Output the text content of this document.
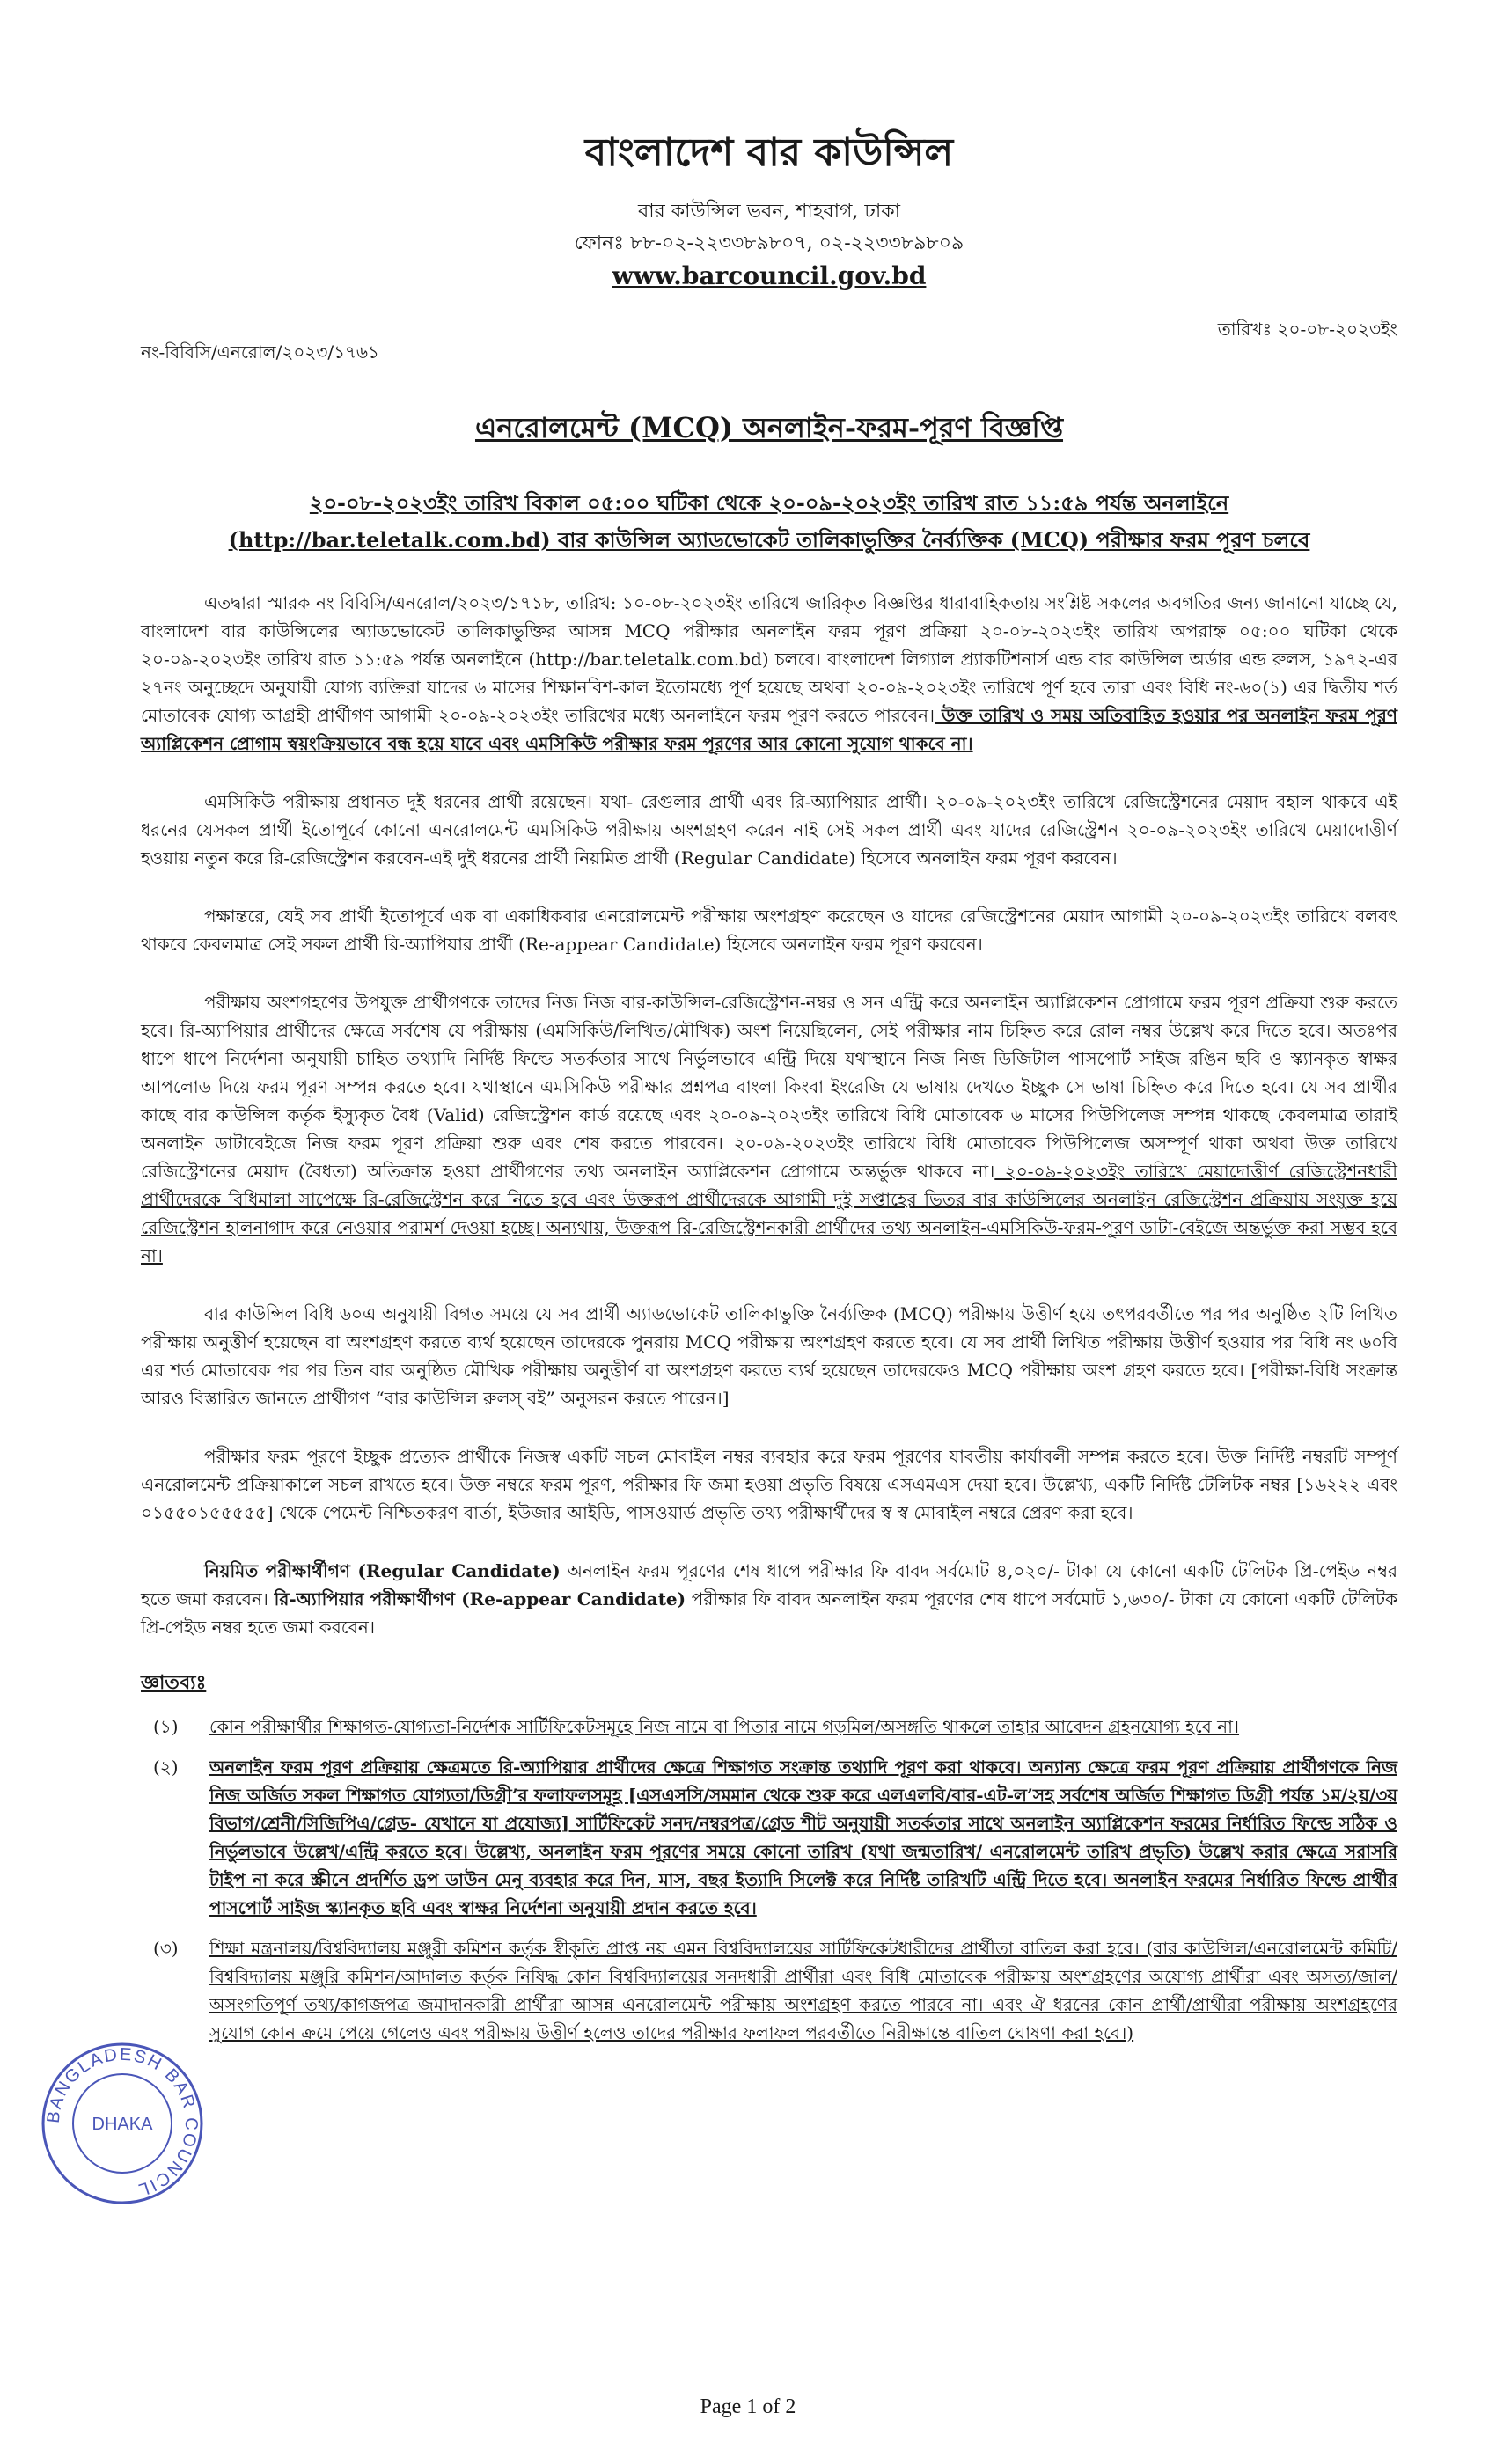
বাংলাদেশ বার কাউন্সিল
বার কাউন্সিল ভবন, শাহবাগ, ঢাকা
ফোনঃ ৮৮-০২-২২৩৩৮৯৮০৭, ০২-২২৩৩৮৯৮০৯
www.barcouncil.gov.bd
নং-বিবিসি/এনরোল/২০২৩/১৭৬১
তারিখঃ ২০-০৮-২০২৩ইং
এনরোলমেন্ট (MCQ) অনলাইন-ফরম-পূরণ বিজ্ঞপ্তি
২০-০৮-২০২৩ইং তারিখ বিকাল ০৫:০০ ঘটিকা থেকে ২০-০৯-২০২৩ইং তারিখ রাত ১১:৫৯ পর্যন্ত অনলাইনে
(http://bar.teletalk.com.bd) বার কাউন্সিল অ্যাডভোকেট তালিকাভুক্তির নৈর্ব্যক্তিক (MCQ) পরীক্ষার ফরম পূরণ চলবে

এতদ্বারা স্মারক নং বিবিসি/এনরোল/২০২৩/১৭১৮, তারিখ: ১০-০৮-২০২৩ইং তারিখে জারিকৃত বিজ্ঞপ্তির ধারাবাহিকতায় সংশ্লিষ্ট সকলের অবগতির জন্য জানানো যাচ্ছে যে, বাংলাদেশ বার কাউন্সিলের অ্যাডভোকেট তালিকাভুক্তির আসন্ন MCQ পরীক্ষার অনলাইন ফরম পূরণ প্রক্রিয়া ২০-০৮-২০২৩ইং তারিখ অপরাহ্ন ০৫:০০ ঘটিকা থেকে ২০-০৯-২০২৩ইং তারিখ রাত ১১:৫৯ পর্যন্ত অনলাইনে (http://bar.teletalk.com.bd) চলবে। বাংলাদেশ লিগ্যাল প্র্যাকটিশনার্স এন্ড বার কাউন্সিল অর্ডার এন্ড রুলস, ১৯৭২-এর ২৭নং অনুচ্ছেদে অনুযায়ী যোগ্য ব্যক্তিরা যাদের ৬ মাসের শিক্ষানবিশ-কাল ইতোমধ্যে পূর্ণ হয়েছে অথবা ২০-০৯-২০২৩ইং তারিখে পূর্ণ হবে তারা এবং বিধি নং-৬০(১) এর দ্বিতীয় শর্ত মোতাবেক যোগ্য আগ্রহী প্রার্থীগণ আগামী ২০-০৯-২০২৩ইং তারিখের মধ্যে অনলাইনে ফরম পূরণ করতে পারবেন। উক্ত তারিখ ও সময় অতিবাহিত হওয়ার পর অনলাইন ফরম পূরণ অ্যাপ্লিকেশন প্রোগাম স্বয়ংক্রিয়ভাবে বন্ধ হয়ে যাবে এবং এমসিকিউ পরীক্ষার ফরম পূরণের আর কোনো সুযোগ থাকবে না।

এমসিকিউ পরীক্ষায় প্রধানত দুই ধরনের প্রার্থী রয়েছেন। যথা- রেগুলার প্রার্থী এবং রি-অ্যাপিয়ার প্রার্থী। ২০-০৯-২০২৩ইং তারিখে রেজিস্ট্রেশনের মেয়াদ বহাল থাকবে এই ধরনের যেসকল প্রার্থী ইতোপূর্বে কোনো এনরোলমেন্ট এমসিকিউ পরীক্ষায় অংশগ্রহণ করেন নাই সেই সকল প্রার্থী এবং যাদের রেজিস্ট্রেশন ২০-০৯-২০২৩ইং তারিখে মেয়াদোত্তীর্ণ হওয়ায় নতুন করে রি-রেজিস্ট্রেশন করবেন-এই দুই ধরনের প্রার্থী নিয়মিত প্রার্থী (Regular Candidate) হিসেবে অনলাইন ফরম পূরণ করবেন।

পক্ষান্তরে, যেই সব প্রার্থী ইতোপূর্বে এক বা একাধিকবার এনরোলমেন্ট পরীক্ষায় অংশগ্রহণ করেছেন ও যাদের রেজিস্ট্রেশনের মেয়াদ আগামী ২০-০৯-২০২৩ইং তারিখে বলবৎ থাকবে কেবলমাত্র সেই সকল প্রার্থী রি-অ্যাপিয়ার প্রার্থী (Re-appear Candidate) হিসেবে অনলাইন ফরম পূরণ করবেন।

পরীক্ষায় অংশগহণের উপযুক্ত প্রার্থীগণকে তাদের নিজ নিজ বার-কাউন্সিল-রেজিস্ট্রেশন-নম্বর ও সন এন্ট্রি করে অনলাইন অ্যাপ্লিকেশন প্রোগামে ফরম পূরণ প্রক্রিয়া শুরু করতে হবে। রি-অ্যাপিয়ার প্রার্থীদের ক্ষেত্রে সর্বশেষ যে পরীক্ষায় (এমসিকিউ/লিখিত/মৌখিক) অংশ নিয়েছিলেন, সেই পরীক্ষার নাম চিহ্নিত করে রোল নম্বর উল্লেখ করে দিতে হবে। অতঃপর ধাপে ধাপে নির্দেশনা অনুযায়ী চাহিত তথ্যাদি নির্দিষ্ট ফিল্ডে সতর্কতার সাথে নির্ভুলভাবে এন্ট্রি দিয়ে যথাস্থানে নিজ নিজ ডিজিটাল পাসপোর্ট সাইজ রঙিন ছবি ও স্ক্যানকৃত স্বাক্ষর আপলোড দিয়ে ফরম পূরণ সম্পন্ন করতে হবে। যথাস্থানে এমসিকিউ পরীক্ষার প্রশ্নপত্র বাংলা কিংবা ইংরেজি যে ভাষায় দেখতে ইচ্ছুক সে ভাষা চিহ্নিত করে দিতে হবে। যে সব প্রার্থীর কাছে বার কাউন্সিল কর্তৃক ইস্যুকৃত বৈধ (Valid) রেজিস্ট্রেশন কার্ড রয়েছে এবং ২০-০৯-২০২৩ইং তারিখে বিধি মোতাবেক ৬ মাসের পিউপিলেজ সম্পন্ন থাকছে কেবলমাত্র তারাই অনলাইন ডাটাবেইজে নিজ ফরম পূরণ প্রক্রিয়া শুরু এবং শেষ করতে পারবেন। ২০-০৯-২০২৩ইং তারিখে বিধি মোতাবেক পিউপিলেজ অসম্পূর্ণ থাকা অথবা উক্ত তারিখে রেজিস্ট্রেশনের মেয়াদ (বৈধতা) অতিক্রান্ত হওয়া প্রার্থীগণের তথ্য অনলাইন অ্যাপ্লিকেশন প্রোগামে অন্তর্ভুক্ত থাকবে না। ২০-০৯-২০২৩ইং তারিখে মেয়াদোত্তীর্ণ রেজিস্ট্রেশনধারী প্রার্থীদেরকে বিধিমালা সাপেক্ষে রি-রেজিস্ট্রেশন করে নিতে হবে এবং উক্তরূপ প্রার্থীদেরকে আগামী দুই সপ্তাহের ভিতর বার কাউন্সিলের অনলাইন রেজিস্ট্রেশন প্রক্রিয়ায় সংযুক্ত হয়ে রেজিস্ট্রেশন হালনাগাদ করে নেওয়ার পরামর্শ দেওয়া হচ্ছে। অন্যথায়, উক্তরূপ রি-রেজিস্ট্রেশনকারী প্রার্থীদের তথ্য অনলাইন-এমসিকিউ-ফরম-পূরণ ডাটা-বেইজে অন্তর্ভুক্ত করা সম্ভব হবে না।

বার কাউন্সিল বিধি ৬০এ অনুযায়ী বিগত সময়ে যে সব প্রার্থী অ্যাডভোকেট তালিকাভুক্তি নৈর্ব্যক্তিক (MCQ) পরীক্ষায় উত্তীর্ণ হয়ে তৎপরবর্তীতে পর পর অনুষ্ঠিত ২টি লিখিত পরীক্ষায় অনুত্তীর্ণ হয়েছেন বা অংশগ্রহণ করতে ব্যর্থ হয়েছেন তাদেরকে পুনরায় MCQ পরীক্ষায় অংশগ্রহণ করতে হবে। যে সব প্রার্থী লিখিত পরীক্ষায় উত্তীর্ণ হওয়ার পর বিধি নং ৬০বি এর শর্ত মোতাবেক পর পর তিন বার অনুষ্ঠিত মৌখিক পরীক্ষায় অনুত্তীর্ণ বা অংশগ্রহণ করতে ব্যর্থ হয়েছেন তাদেরকেও MCQ পরীক্ষায় অংশ গ্রহণ করতে হবে। [পরীক্ষা-বিধি সংক্রান্ত আরও বিস্তারিত জানতে প্রার্থীগণ “বার কাউন্সিল রুলস্‌ বই” অনুসরন করতে পারেন।]

পরীক্ষার ফরম পূরণে ইচ্ছুক প্রত্যেক প্রার্থীকে নিজস্ব একটি সচল মোবাইল নম্বর ব্যবহার করে ফরম পূরণের যাবতীয় কার্যাবলী সম্পন্ন করতে হবে। উক্ত নির্দিষ্ট নম্বরটি সম্পূর্ণ এনরোলমেন্ট প্রক্রিয়াকালে সচল রাখতে হবে। উক্ত নম্বরে ফরম পূরণ, পরীক্ষার ফি জমা হওয়া প্রভৃতি বিষয়ে এসএমএস দেয়া হবে। উল্লেখ্য, একটি নির্দিষ্ট টেলিটক নম্বর [১৬২২২ এবং ০১৫৫০১৫৫৫৫৫] থেকে পেমেন্ট নিশ্চিতকরণ বার্তা, ইউজার আইডি, পাসওয়ার্ড প্রভৃতি তথ্য পরীক্ষার্থীদের স্ব স্ব মোবাইল নম্বরে প্রেরণ করা হবে।

নিয়মিত পরীক্ষার্থীগণ (Regular Candidate) অনলাইন ফরম পূরণের শেষ ধাপে পরীক্ষার ফি বাবদ সর্বমোট ৪,০২০/- টাকা যে কোনো একটি টেলিটক প্রি-পেইড নম্বর হতে জমা করবেন। রি-অ্যাপিয়ার পরীক্ষার্থীগণ (Re-appear Candidate) পরীক্ষার ফি বাবদ অনলাইন ফরম পূরণের শেষ ধাপে সর্বমোট ১,৬৩০/- টাকা যে কোনো একটি টেলিটক প্রি-পেইড নম্বর হতে জমা করবেন।

জ্ঞাতব্যঃ
(১)	কোন পরীক্ষার্থীর শিক্ষাগত-যোগ্যতা-নির্দেশক সার্টিফিকেটসমূহে নিজ নামে বা পিতার নামে গড়মিল/অসঙ্গতি থাকলে তাহার আবেদন গ্রহনযোগ্য হবে না।

(২)	অনলাইন ফরম পূরণ প্রক্রিয়ায় ক্ষেত্রমতে রি-অ্যাপিয়ার প্রার্থীদের ক্ষেত্রে শিক্ষাগত সংক্রান্ত তথ্যাদি পূরণ করা থাকবে। অন্যান্য ক্ষেত্রে ফরম পূরণ প্রক্রিয়ায় প্রার্থীগণকে নিজ নিজ অর্জিত সকল শিক্ষাগত যোগ্যতা/ডিগ্রী’র ফলাফলসমূহ [এসএসসি/সমমান থেকে শুরু করে এলএলবি/বার-এট-ল’সহ সর্বশেষ অর্জিত শিক্ষাগত ডিগ্রী পর্যন্ত ১ম/২য়/৩য় বিভাগ/শ্রেনী/সিজিপিএ/গ্রেড- যেখানে যা প্রযোজ্য] সার্টিফিকেট সনদ/নম্বরপত্র/গ্রেড শীট অনুযায়ী সতর্কতার সাথে অনলাইন অ্যাপ্লিকেশন ফরমের নির্ধারিত ফিল্ডে সঠিক ও নির্ভুলভাবে উল্লেখ/এন্ট্রি করতে হবে। উল্লেখ্য, অনলাইন ফরম পূরণের সময়ে কোনো তারিখ (যথা জন্মতারিখ/ এনরোলমেন্ট তারিখ প্রভৃতি) উল্লেখ করার ক্ষেত্রে সরাসরি টাইপ না করে স্ক্রীনে প্রদর্শিত ড্রপ ডাউন মেনু ব্যবহার করে দিন, মাস, বছর ইত্যাদি সিলেক্ট করে নির্দিষ্ট তারিখটি এন্ট্রি দিতে হবে। অনলাইন ফরমের নির্ধারিত ফিল্ডে প্রার্থীর পাসপোর্ট সাইজ স্ক্যানকৃত ছবি এবং স্বাক্ষর নির্দেশনা অনুযায়ী প্রদান করতে হবে।

(৩)	শিক্ষা মন্ত্রনালয়/বিশ্ববিদ্যালয় মঞ্জুরী কমিশন কর্তৃক স্বীকৃতি প্রাপ্ত নয় এমন বিশ্ববিদ্যালয়ের সার্টিফিকেটধারীদের প্রার্থীতা বাতিল করা হবে। (বার কাউন্সিল/এনরোলমেন্ট কমিটি/বিশ্ববিদ্যালয় মঞ্জুরি কমিশন/আদালত কর্তৃক নিষিদ্ধ কোন বিশ্ববিদ্যালয়ের সনদধারী প্রার্থীরা এবং বিধি মোতাবেক পরীক্ষায় অংশগ্রহণের অযোগ্য প্রার্থীরা এবং অসত্য/জাল/অসংগতিপূর্ণ তথ্য/কাগজপত্র জমাদানকারী প্রার্থীরা আসন্ন এনরোলমেন্ট পরীক্ষায় অংশগ্রহণ করতে পারবে না। এবং ঐ ধরনের কোন প্রার্থী/প্রার্থীরা পরীক্ষায় অংশগ্রহণের সুযোগ কোন ক্রমে পেয়ে গেলেও এবং পরীক্ষায় উত্তীর্ণ হলেও তাদের পরীক্ষার ফলাফল পরবর্তীতে নিরীক্ষান্তে বাতিল ঘোষণা করা হবে।)

BANGLADESH BAR COUNCIL
DHAKA
Page 1 of 2
